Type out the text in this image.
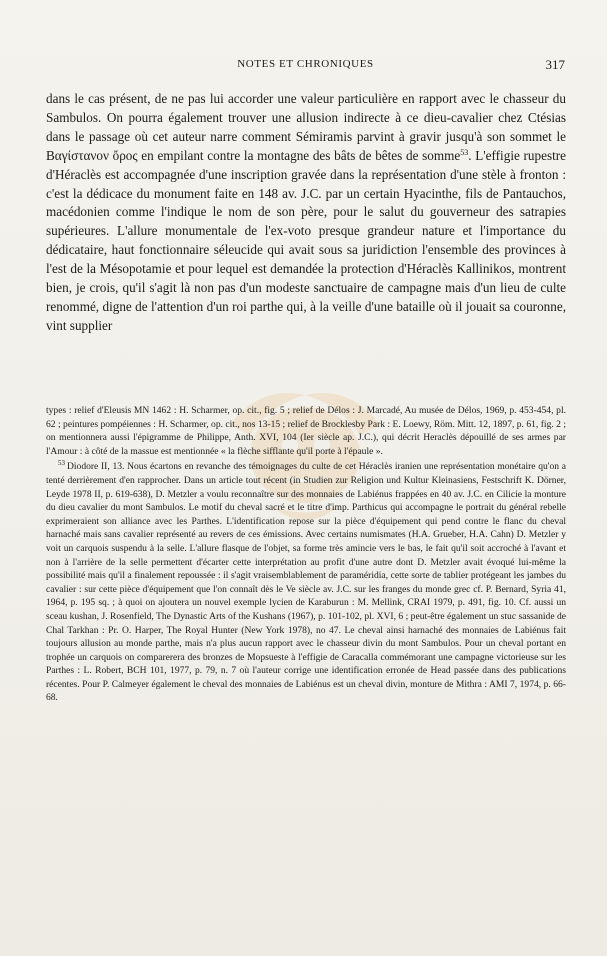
NOTES ET CHRONIQUES	317

dans le cas présent, de ne pas lui accorder une valeur particulière en rapport avec le chasseur du Sambulos. On pourra également trouver une allusion indirecte à ce dieu-cavalier chez Ctésias dans le passage où cet auteur narre comment Sémiramis parvint à gravir jusqu'à son sommet le Βαγίστανον ὄρος en empilant contre la montagne des bâts de bêtes de somme$^{53}$. L'effigie rupestre d'Héraclès est accompagnée d'une inscription gravée dans la représentation d'une stèle à fronton : c'est la dédicace du monument faite en 148 av. J.C. par un certain Hyacinthe, fils de Pantauchos, macédonien comme l'indique le nom de son père, pour le salut du gouverneur des satrapies supérieures. L'allure monumentale de l'ex-voto presque grandeur nature et l'importance du dédicataire, haut fonctionnaire séleucide qui avait sous sa juridiction l'ensemble des provinces à l'est de la Mésopotamie et pour lequel est demandée la protection d'Héraclès Kallinikos, montrent bien, je crois, qu'il s'agit là non pas d'un modeste sanctuaire de campagne mais d'un lieu de culte renommé, digne de l'attention d'un roi parthe qui, à la veille d'une bataille où il jouait sa couronne, vint supplier

types : relief d'Eleusis MN 1462 : H. Scharmer, op. cit., fig. 5 ; relief de Délos : J. Marcadé, Au musée de Délos, 1969, p. 453-454, pl. 62 ; peintures pompéiennes : H. Scharmer, op. cit., nos 13-15 ; relief de Brocklesby Park : E. Loewy, Röm. Mitt. 12, 1897, p. 61, fig. 2 ; on mentionnera aussi l'épigramme de Philippe, Anth. XVI, 104 (Ier siècle ap. J.C.), qui décrit Heraclès dépouillé de ses armes par l'Amour : à côté de la massue est mentionnée « la flèche sifflante qu'il porte à l'épaule ».

$^{53}$ Diodore II, 13. Nous écartons en revanche des témoignages du culte de cet Héraclès iranien une représentation monétaire qu'on a tenté derrièrement d'en rapprocher. Dans un article tout récent (in Studien zur Religion und Kultur Kleinasiens, Festschrift K. Dörner, Leyde 1978 II, p. 619-638), D. Metzler a voulu reconnaître sur des monnaies de Labiénus frappées en 40 av. J.C. en Cilicie la monture du dieu cavalier du mont Sambulos. Le motif du cheval sacré et le titre d'imp. Parthicus qui accompagne le portrait du général rebelle exprimeraient son alliance avec les Parthes. L'identification repose sur la pièce d'équipement qui pend contre le flanc du cheval harnaché mais sans cavalier représenté au revers de ces émissions. Avec certains numismates (H.A. Grueber, H.A. Cahn) D. Metzler y voit un carquois suspendu à la selle. L'allure flasque de l'objet, sa forme très amincie vers le bas, le fait qu'il soit accroché à l'avant et non à l'arrière de la selle permettent d'écarter cette interprétation au profit d'une autre dont D. Metzler avait évoqué lui-même la possibilité mais qu'il a finalement repoussée : il s'agit vraisemblablement de paraméridia, cette sorte de tablier protégeant les jambes du cavalier : sur cette pièce d'équipement que l'on connaît dès le Ve siècle av. J.C. sur les franges du monde grec cf. P. Bernard, Syria 41, 1964, p. 195 sq. ; à quoi on ajoutera un nouvel exemple lycien de Karaburun : M. Mellink, CRAI 1979, p. 491, fig. 10. Cf. aussi un sceau kushan, J. Rosenfield, The Dynastic Arts of the Kushans (1967), p. 101-102, pl. XVI, 6 ; peut-être également un stuc sassanide de Chal Tarkhan : Pr. O. Harper, The Royal Hunter (New York 1978), no 47. Le cheval ainsi harnaché des monnaies de Labiénus fait toujours allusion au monde parthe, mais n'a plus aucun rapport avec le chasseur divin du mont Sambulos. Pour un cheval portant en trophée un carquois on comparerera des bronzes de Mopsueste à l'effigie de Caracalla commémorant une campagne victorieuse sur les Parthes : L. Robert, BCH 101, 1977, p. 79, n. 7 où l'auteur corrige une identification erronée de Head passée dans des publications récentes. Pour P. Calmeyer également le cheval des monnaies de Labiénus est un cheval divin, monture de Mithra : AMI 7, 1974, p. 66-68.
